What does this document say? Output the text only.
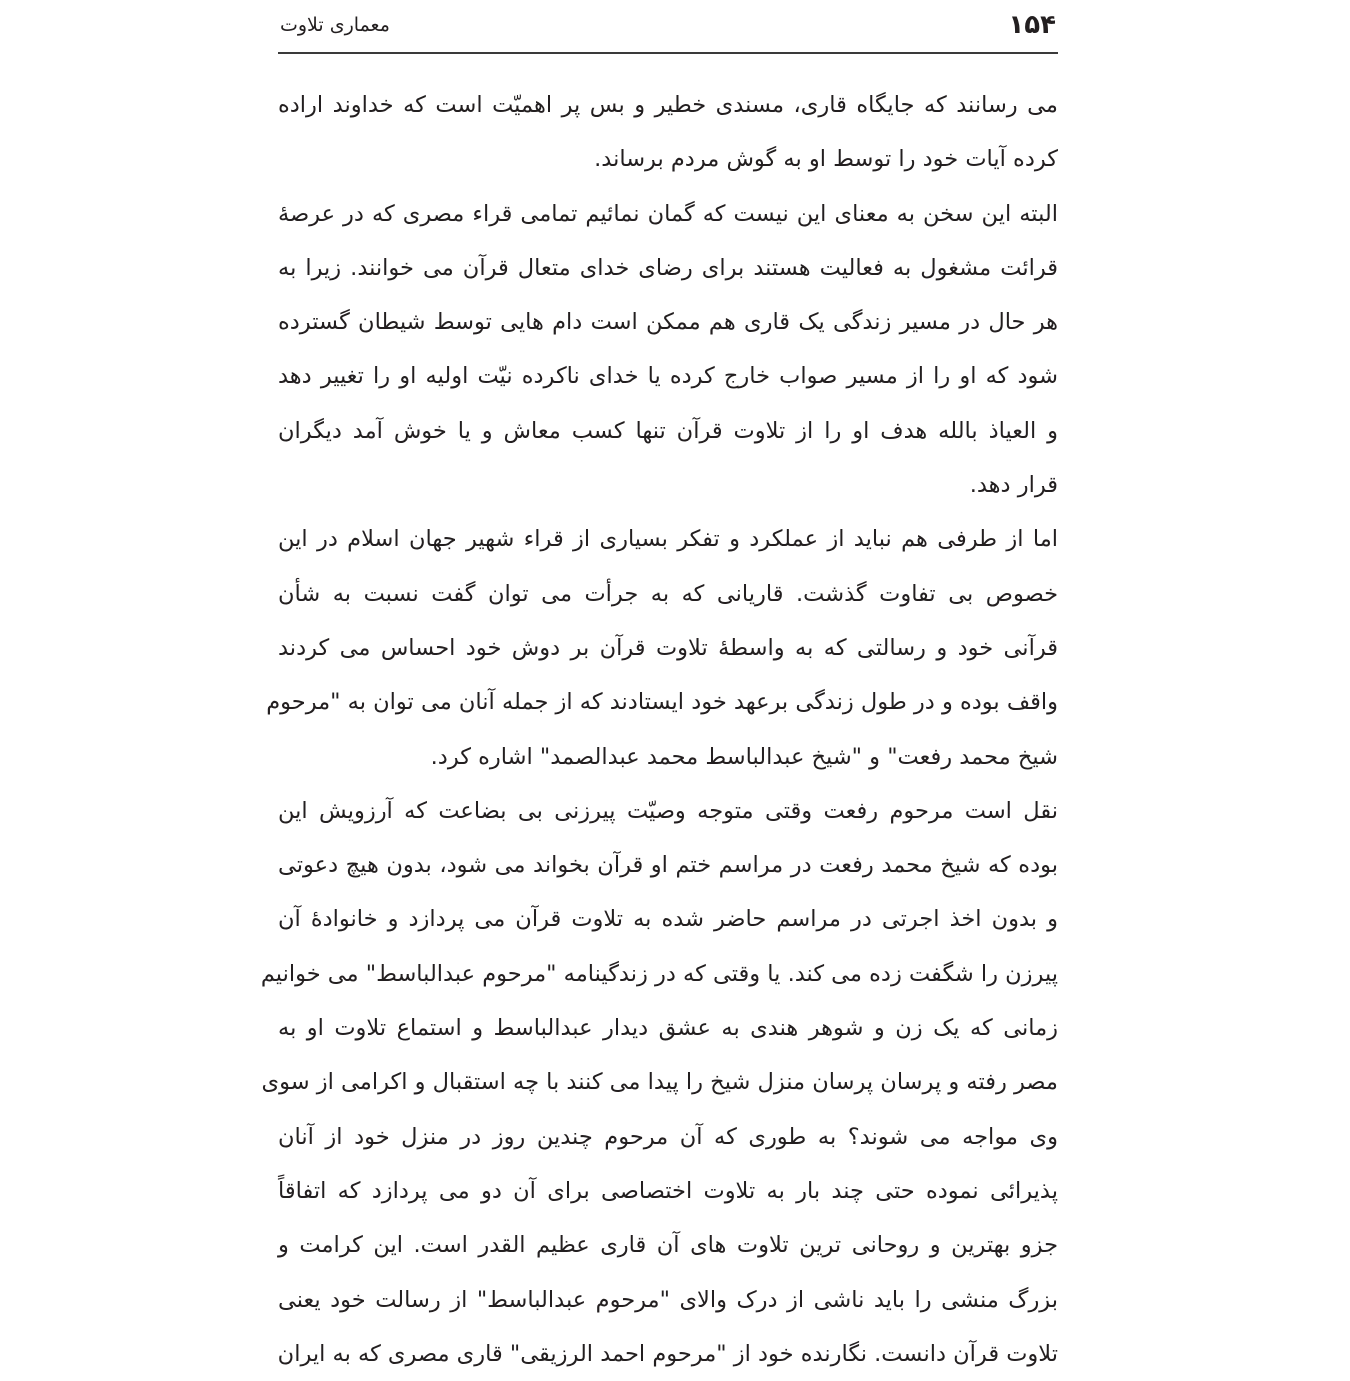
۱۵۴
معماری تلاوت

می رسانند که جایگاه قاری، مسندی خطیر و بس پر اهمیّت است که خداوند اراده
کرده آیات خود را توسط او به گوش مردم برساند.

البته این سخن به معنای این نیست که گمان نمائیم تمامی قراء مصری که در عرصهٔ
قرائت مشغول به فعالیت هستند برای رضای خدای متعال قرآن می خوانند. زیرا به
هر حال در مسیر زندگی یک قاری هم ممکن است دام هایی توسط شیطان گسترده
شود که او را از مسیر صواب خارج کرده یا خدای ناکرده نیّت اولیه او را تغییر دهد
و العیاذ بالله هدف او را از تلاوت قرآن تنها کسب معاش و یا خوش آمد دیگران
قرار دهد.

اما از طرفی هم نباید از عملکرد و تفکر بسیاری از قراء شهیر جهان اسلام در این
خصوص بی تفاوت گذشت. قاریانی که به جرأت می توان گفت نسبت به شأن
قرآنی خود و رسالتی که به واسطهٔ تلاوت قرآن بر دوش خود احساس می کردند
واقف بوده و در طول زندگی برعهد خود ایستادند که از جمله آنان می توان به "مرحوم
شیخ محمد رفعت" و "شیخ عبدالباسط محمد عبدالصمد" اشاره کرد.

نقل است مرحوم رفعت وقتی متوجه وصیّت پیرزنی بی بضاعت که آرزویش این
بوده که شیخ محمد رفعت در مراسم ختم او قرآن بخواند می شود، بدون هیچ دعوتی
و بدون اخذ اجرتی در مراسم حاضر شده به تلاوت قرآن می پردازد و خانوادهٔ آن
پیرزن را شگفت زده می کند. یا وقتی که در زندگینامه "مرحوم عبدالباسط" می خوانیم
زمانی که یک زن و شوهر هندی به عشق دیدار عبدالباسط و استماع تلاوت او به
مصر رفته و پرسان پرسان منزل شیخ را پیدا می کنند با چه استقبال و اکرامی از سوی
وی مواجه می شوند؟ به طوری که آن مرحوم چندین روز در منزل خود از آنان
پذیرائی نموده حتی چند بار به تلاوت اختصاصی برای آن دو می پردازد که اتفاقاً
جزو بهترین و روحانی ترین تلاوت های آن قاری عظیم القدر است. این کرامت و
بزرگ منشی را باید ناشی از درک والای "مرحوم عبدالباسط" از رسالت خود یعنی
تلاوت قرآن دانست. نگارنده خود از "مرحوم احمد الرزیقی" قاری مصری که به ایران
